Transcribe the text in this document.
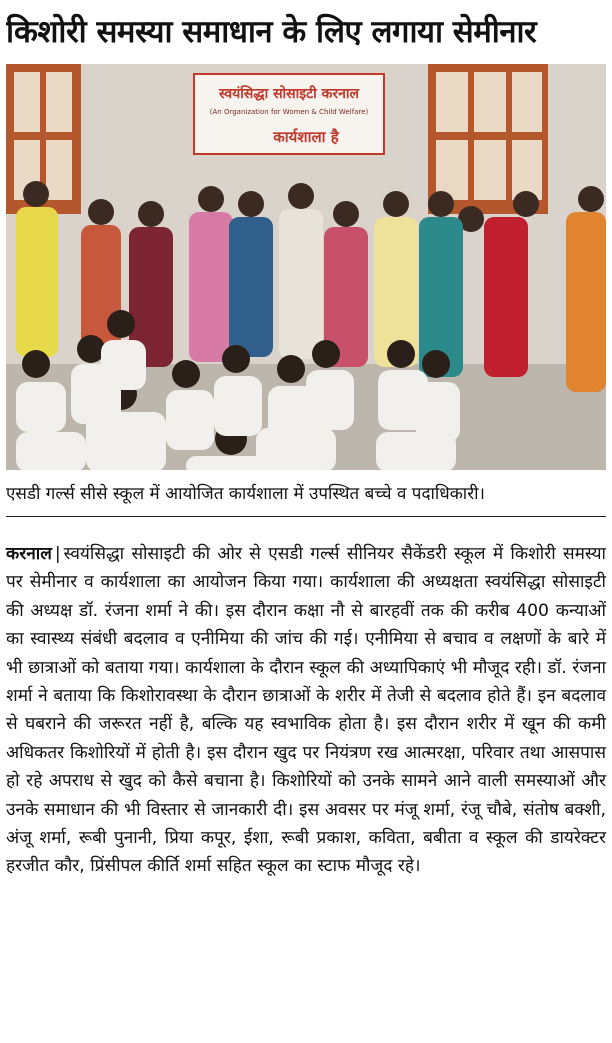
किशोरी समस्या समाधान के लिए लगाया सेमीनार
स्वयंसिद्धा सोसाइटी करनाल
(An Organization for Women & Child Welfare)
कार्यशाला है
एसडी गर्ल्स सीसे स्कूल में आयोजित कार्यशाला में उपस्थित बच्चे व पदाधिकारी।
करनाल | स्वयंसिद्धा सोसाइटी की ओर से एसडी गर्ल्स सीनियर सैकेंडरी स्कूल में किशोरी समस्या पर सेमीनार व कार्यशाला का आयोजन किया गया। कार्यशाला की अध्यक्षता स्वयंसिद्धा सोसाइटी की अध्यक्ष डॉ. रंजना शर्मा ने की। इस दौरान कक्षा नौ से बारहवीं तक की करीब 400 कन्याओं का स्वास्थ्य संबंधी बदलाव व एनीमिया की जांच की गई। एनीमिया से बचाव व लक्षणों के बारे में भी छात्राओं को बताया गया। कार्यशाला के दौरान स्कूल की अध्यापिकाएं भी मौजूद रही। डॉ. रंजना शर्मा ने बताया कि किशोरावस्था के दौरान छात्राओं के शरीर में तेजी से बदलाव होते हैं। इन बदलाव से घबराने की जरूरत नहीं है, बल्कि यह स्वभाविक होता है। इस दौरान शरीर में खून की कमी अधिकतर किशोरियों में होती है। इस दौरान खुद पर नियंत्रण रख आत्मरक्षा, परिवार तथा आसपास हो रहे अपराध से खुद को कैसे बचाना है। किशोरियों को उनके सामने आने वाली समस्याओं और उनके समाधान की भी विस्तार से जानकारी दी। इस अवसर पर मंजू शर्मा, रंजू चौबे, संतोष बक्शी, अंजू शर्मा, रूबी पुनानी, प्रिया कपूर, ईशा, रूबी प्रकाश, कविता, बबीता व स्कूल की डायरेक्टर हरजीत कौर, प्रिंसीपल कीर्ति शर्मा सहित स्कूल का स्टाफ मौजूद रहे।
